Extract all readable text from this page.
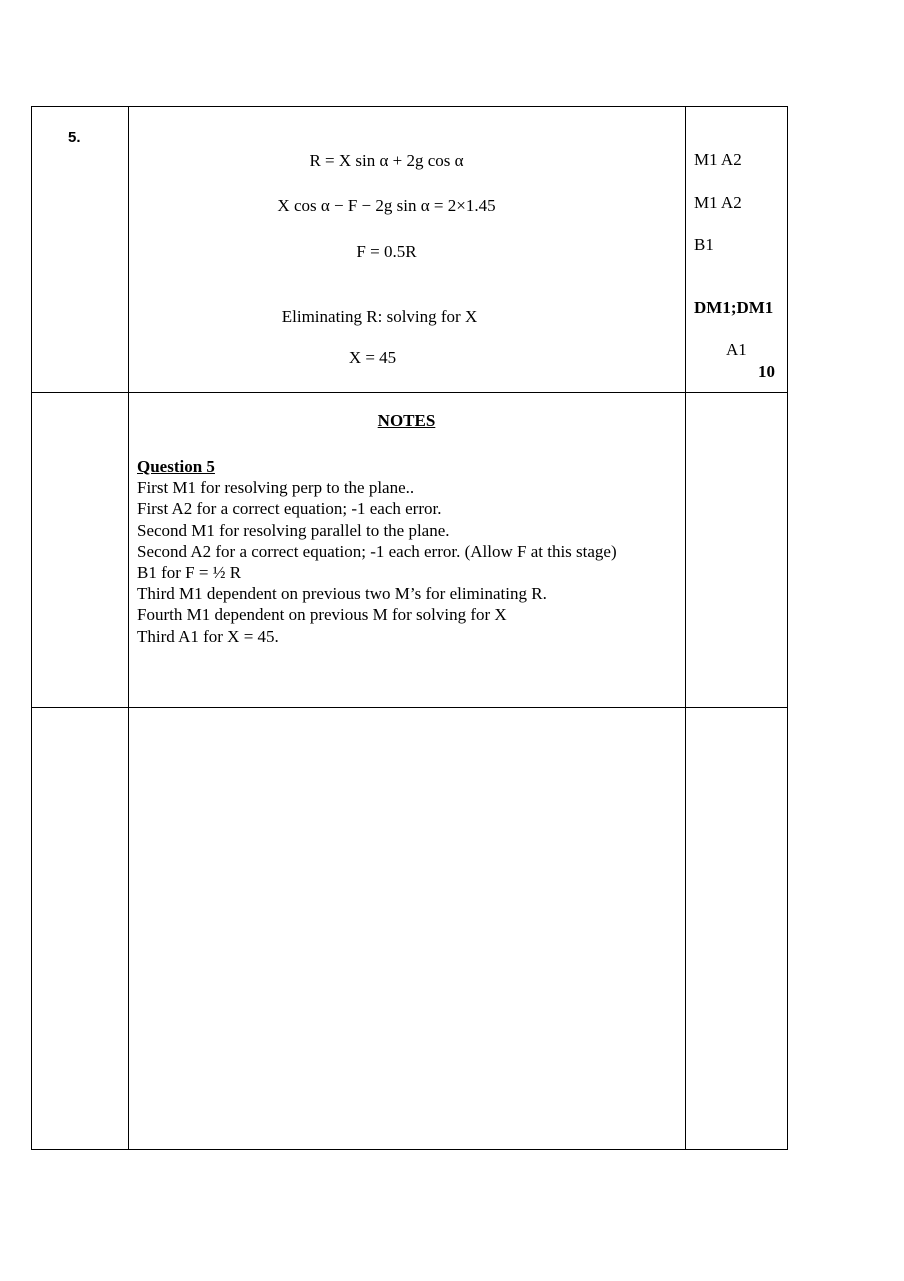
5.
R = X sin α + 2g cos α
X cos α − F − 2g sin α = 2×1.45
F = 0.5R
Eliminating R: solving for X
X = 45
M1 A2
M1 A2
B1
DM1;DM1
A1
10
NOTES
Question 5
First M1 for resolving perp to the plane..
First A2 for a correct equation; -1 each error.
Second M1 for resolving parallel to the plane.
Second A2 for a correct equation; -1 each error. (Allow F at this stage)
B1 for F = ½ R
Third M1 dependent on previous two M’s for eliminating R.
Fourth M1 dependent on previous M for solving for X
Third A1 for X = 45.
